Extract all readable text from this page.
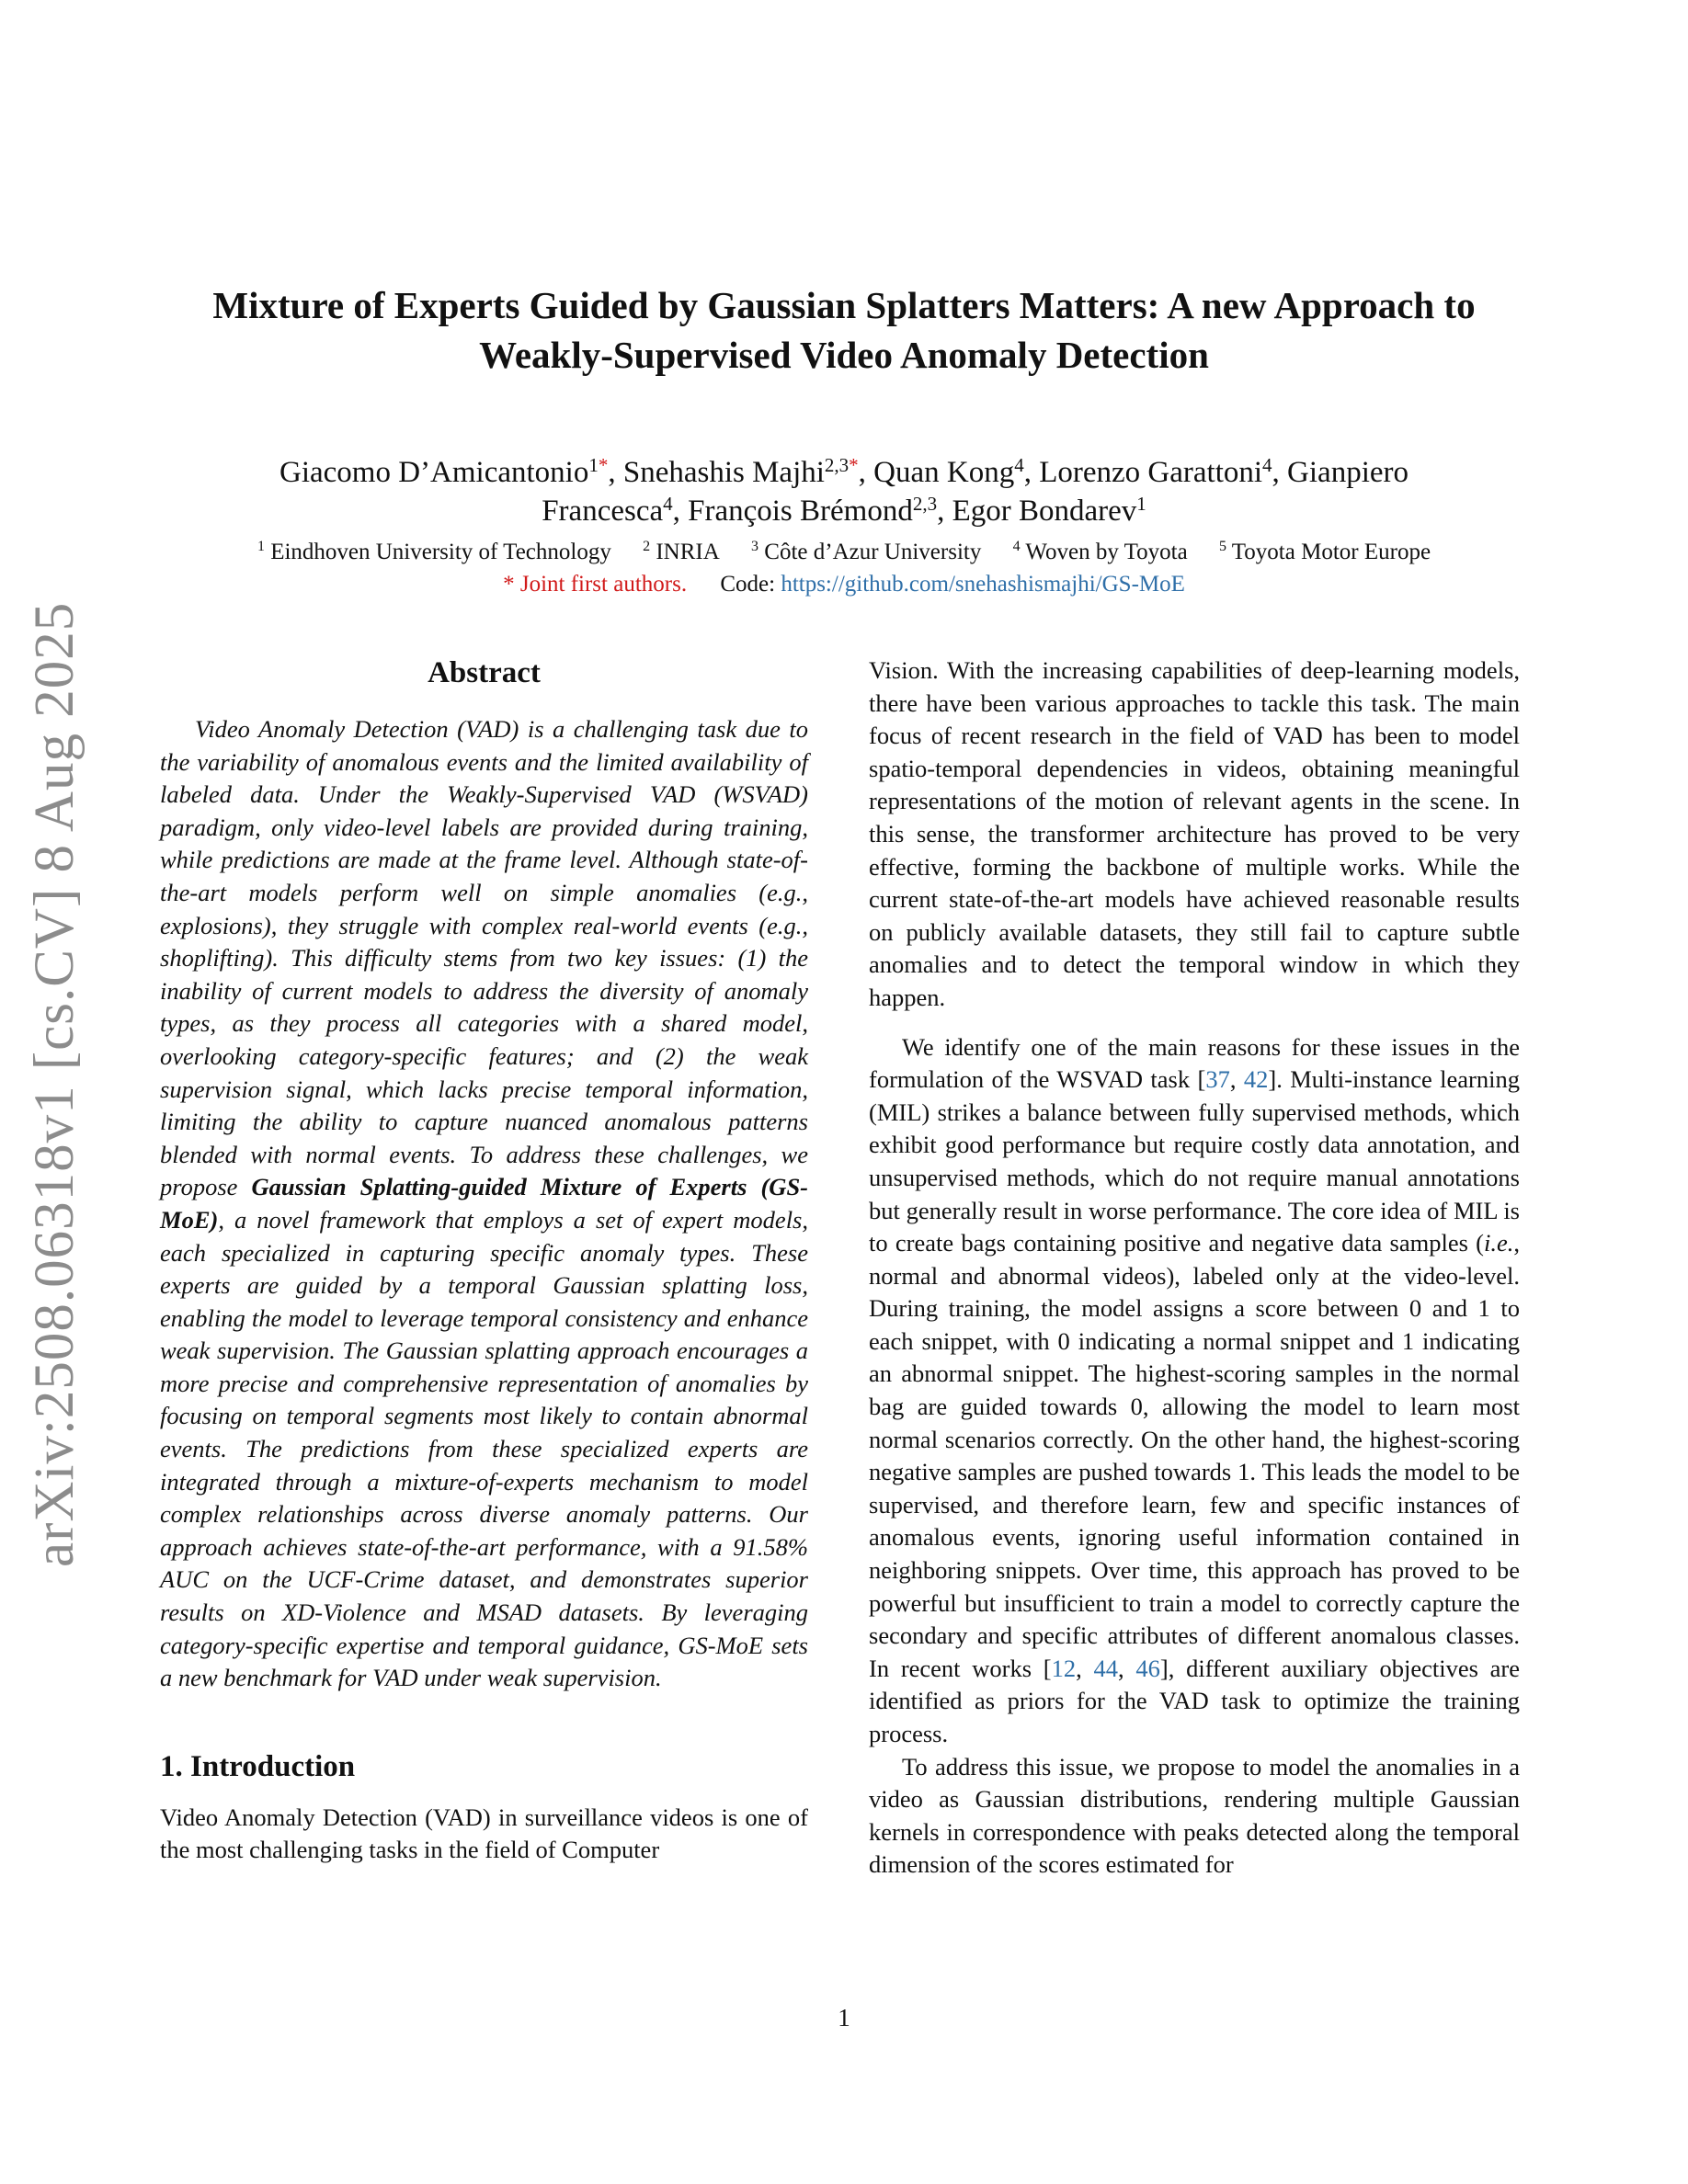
arXiv:2508.06318v1 [cs.CV] 8 Aug 2025
Mixture of Experts Guided by Gaussian Splatters Matters: A new Approach to
Weakly-Supervised Video Anomaly Detection
Giacomo D’Amicantonio$^{1*}$, Snehashis Majhi$^{2,3*}$, Quan Kong$^4$, Lorenzo Garattoni$^4$, Gianpiero
Francesca$^4$, François Brémond$^{2,3}$, Egor Bondarev$^1$
$^1$ Eindhoven University of Technology $^2$ INRIA $^3$ Côte d’Azur University $^4$ Woven by Toyota $^5$ Toyota Motor Europe
* Joint first authors. Code: https://github.com/snehashismajhi/GS-MoE
Abstract

Video Anomaly Detection (VAD) is a challenging task due to the variability of anomalous events and the limited availability of labeled data. Under the Weakly-Supervised VAD (WSVAD) paradigm, only video-level labels are provided during training, while predictions are made at the frame level. Although state-of-the-art models perform well on simple anomalies (e.g., explosions), they struggle with complex real-world events (e.g., shoplifting). This difficulty stems from two key issues: (1) the inability of current models to address the diversity of anomaly types, as they process all categories with a shared model, overlooking category-specific features; and (2) the weak supervision signal, which lacks precise temporal information, limiting the ability to capture nuanced anomalous patterns blended with normal events. To address these challenges, we propose Gaussian Splatting-guided Mixture of Experts (GS-MoE), a novel framework that employs a set of expert models, each specialized in capturing specific anomaly types. These experts are guided by a temporal Gaussian splatting loss, enabling the model to leverage temporal consistency and enhance weak supervision. The Gaussian splatting approach encourages a more precise and comprehensive representation of anomalies by focusing on temporal segments most likely to contain abnormal events. The predictions from these specialized experts are integrated through a mixture-of-experts mechanism to model complex relationships across diverse anomaly patterns. Our approach achieves state-of-the-art performance, with a 91.58% AUC on the UCF-Crime dataset, and demonstrates superior results on XD-Violence and MSAD datasets. By leveraging category-specific expertise and temporal guidance, GS-MoE sets a new benchmark for VAD under weak supervision.

1. Introduction

Video Anomaly Detection (VAD) in surveillance videos is one of the most challenging tasks in the field of Computer

Vision. With the increasing capabilities of deep-learning models, there have been various approaches to tackle this task. The main focus of recent research in the field of VAD has been to model spatio-temporal dependencies in videos, obtaining meaningful representations of the motion of relevant agents in the scene. In this sense, the transformer architecture has proved to be very effective, forming the backbone of multiple works. While the current state-of-the-art models have achieved reasonable results on publicly available datasets, they still fail to capture subtle anomalies and to detect the temporal window in which they happen.

We identify one of the main reasons for these issues in the formulation of the WSVAD task [37, 42]. Multi-instance learning (MIL) strikes a balance between fully supervised methods, which exhibit good performance but require costly data annotation, and unsupervised methods, which do not require manual annotations but generally result in worse performance. The core idea of MIL is to create bags containing positive and negative data samples (i.e., normal and abnormal videos), labeled only at the video-level. During training, the model assigns a score between 0 and 1 to each snippet, with 0 indicating a normal snippet and 1 indicating an abnormal snippet. The highest-scoring samples in the normal bag are guided towards 0, allowing the model to learn most normal scenarios correctly. On the other hand, the highest-scoring negative samples are pushed towards 1. This leads the model to be supervised, and therefore learn, few and specific instances of anomalous events, ignoring useful information contained in neighboring snippets. Over time, this approach has proved to be powerful but insufficient to train a model to correctly capture the secondary and specific attributes of different anomalous classes. In recent works [12, 44, 46], different auxiliary objectives are identified as priors for the VAD task to optimize the training process.

To address this issue, we propose to model the anomalies in a video as Gaussian distributions, rendering multiple Gaussian kernels in correspondence with peaks detected along the temporal dimension of the scores estimated for

1
